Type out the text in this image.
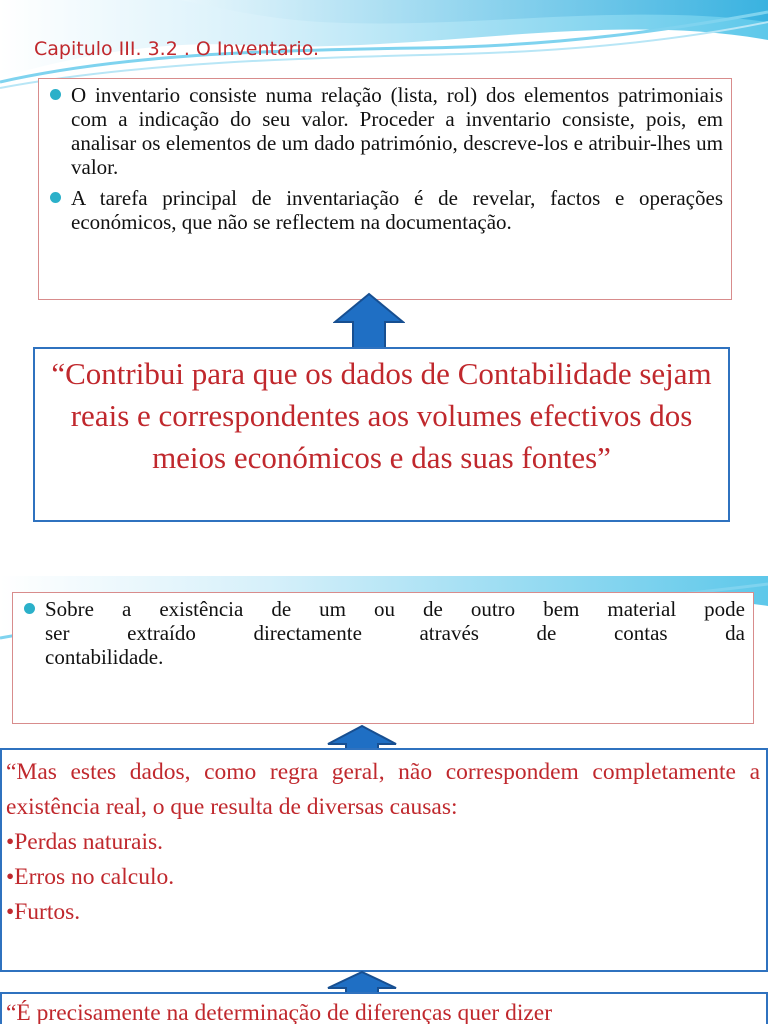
Capitulo III. 3.2 . O Inventario.
O inventario consiste numa relação (lista, rol) dos elementos patrimoniais com a indicação do seu valor. Proceder a inventario consiste, pois, em analisar os elementos de um dado património, descreve-los e atribuir-lhes um valor.
A tarefa principal de inventariação é de revelar, factos e operações económicos, que não se reflectem na documentação.
“Contribui para que os dados de Contabilidade sejam reais e correspondentes aos volumes efectivos dos meios económicos e das suas fontes”
Sobre a existência de um ou de outro bem material pode
ser extraído directamente através de contas da
contabilidade.
“Mas estes dados, como regra geral, não correspondem completamente a existência real, o que resulta de diversas causas:
•Perdas naturais.
•Erros no calculo.
•Furtos.
“É precisamente na determinação de diferenças quer dizer
